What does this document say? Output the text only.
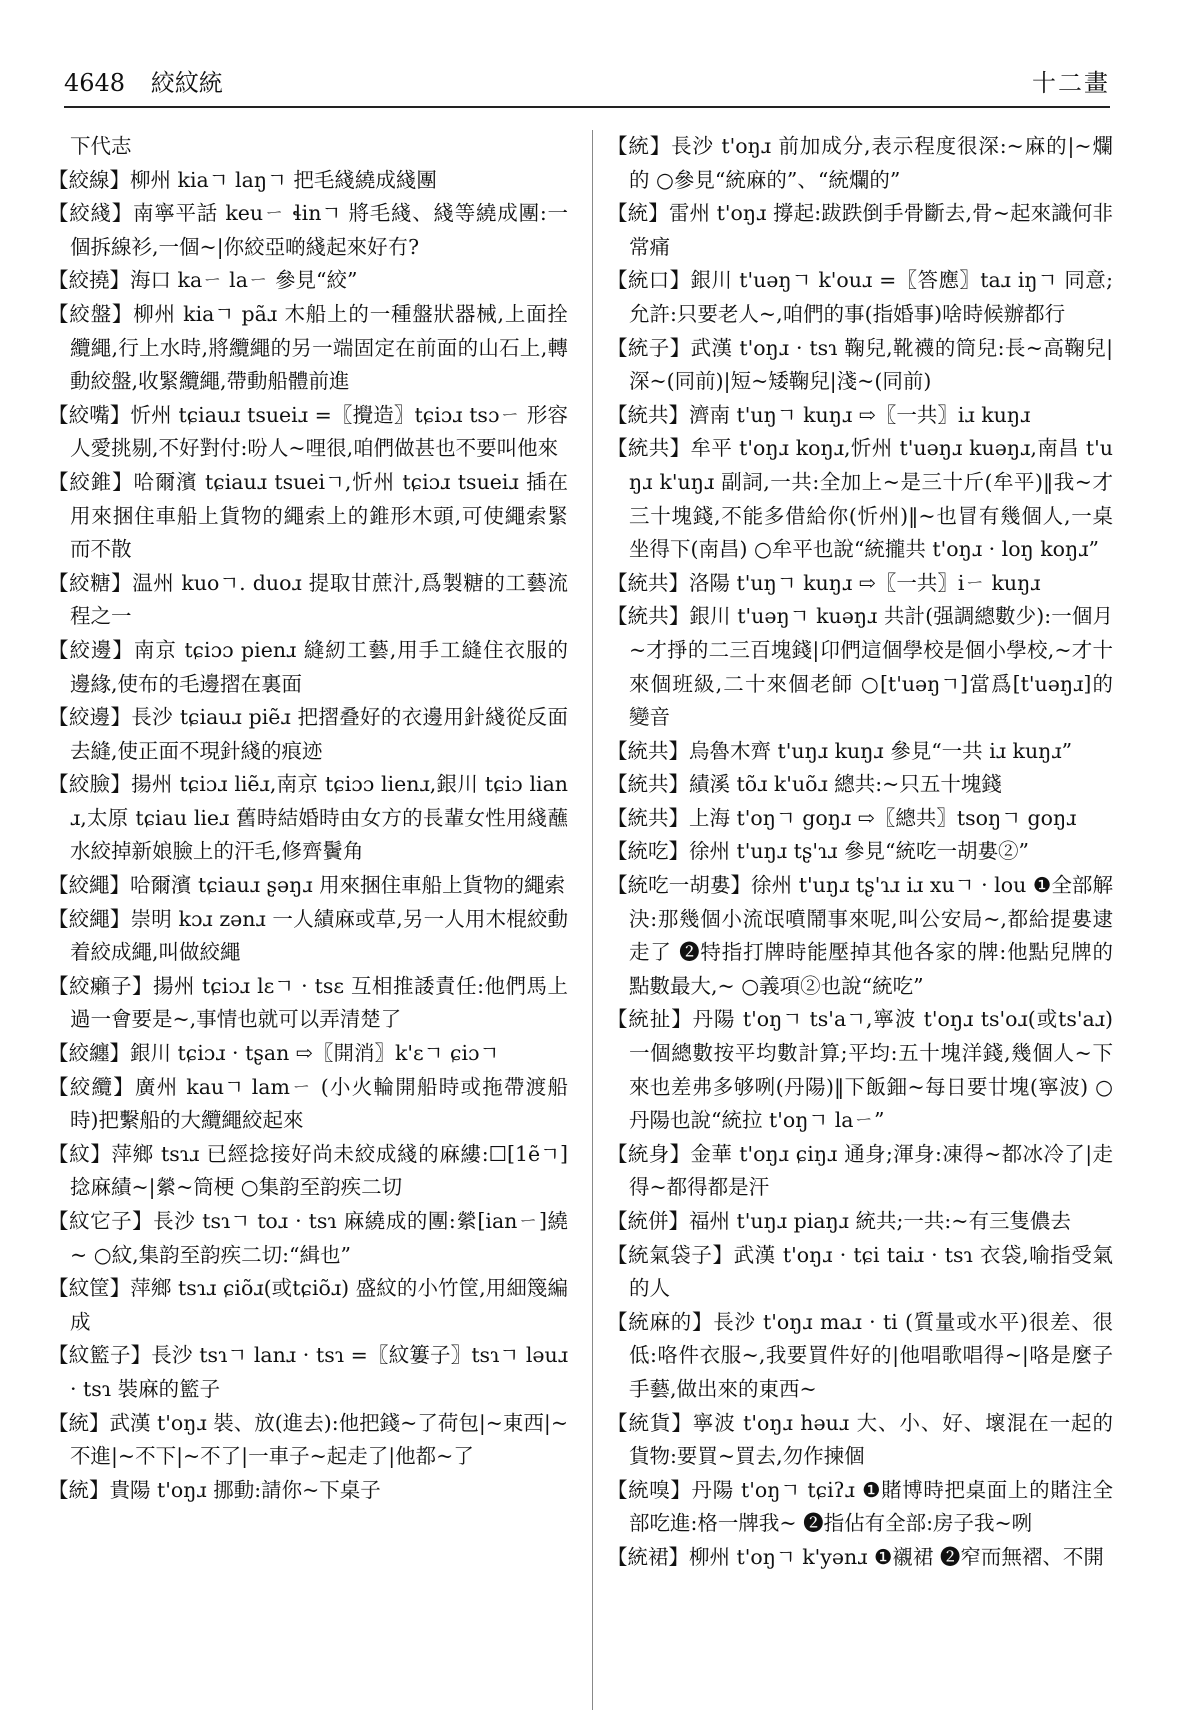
4648 絞紋統	十二畫
下代志
【絞線】柳州 kiaㄱ laŋㄱ 把毛綫繞成綫團
【絞綫】南寧平話 keuㄧ ɬinㄱ 將毛綫、綫等繞成團:一個拆線衫,一個~|你絞亞啲綫起來好冇?
【絞撓】海口 kaㄧ laㄧ 參見“絞”
【絞盤】柳州 kiaㄱ pãɹ 木船上的一種盤狀器械,上面拴纜繩,行上水時,將纜繩的另一端固定在前面的山石上,轉動絞盤,收緊纜繩,帶動船體前進
【絞嘴】忻州 tɕiauɹ tsueiɹ =〖攪造〗tɕiɔɹ tsɔㄧ 形容人愛挑剔,不好對付:吩人~哩很,咱們做甚也不要叫他來
【絞錐】哈爾濱 tɕiauɹ tsueiㄱ,忻州 tɕiɔɹ tsueiɹ 插在用來捆住車船上貨物的繩索上的錐形木頭,可使繩索緊而不散
【絞糖】温州 kuoㄱ. duoɹ 提取甘蔗汁,爲製糖的工藝流程之一
【絞邊】南京 tɕiɔɔ pienɹ 縫紉工藝,用手工縫住衣服的邊緣,使布的毛邊摺在裏面
【絞邊】長沙 tɕiauɹ piẽɹ 把摺叠好的衣邊用針綫從反面去縫,使正面不現針綫的痕迹
【絞臉】揚州 tɕiɔɹ liẽɹ,南京 tɕiɔɔ lienɹ,銀川 tɕiɔ lianɹ,太原 tɕiau lieɹ 舊時結婚時由女方的長輩女性用綫蘸水絞掉新娘臉上的汗毛,修齊鬢角
【絞繩】哈爾濱 tɕiauɹ ʂəŋɹ 用來捆住車船上貨物的繩索
【絞繩】崇明 kɔɹ zənɹ 一人績麻或草,另一人用木棍絞動着絞成繩,叫做絞繩
【絞癩子】揚州 tɕiɔɹ lɛㄱ · tsɛ 互相推諉責任:他們馬上過一會要是~,事情也就可以弄清楚了
【絞纏】銀川 tɕiɔɹ · tʂan ⇨〖開消〗k'ɛㄱ ɕiɔㄱ
【絞纜】廣州 kauㄱ lamㄧ (小火輪開船時或拖帶渡船時)把繫船的大纜繩絞起來
【紋】萍鄉 tsɿɹ 已經捻接好尚未絞成綫的麻縷:☐[1ẽㄱ]捻麻績~|縈~筒梗 ○集韵至韵疾二切
【紋它子】長沙 tsɿㄱ toɹ · tsɿ 麻繞成的團:縈[ianㄧ]繞~ ○紋,集韵至韵疾二切:“緝也”
【紋筐】萍鄉 tsɿɹ ɕiõɹ(或tɕiõɹ) 盛紋的小竹筐,用細篾編成
【紋籃子】長沙 tsɿㄱ lanɹ · tsɿ =〖紋簍子〗tsɿㄱ ləuɹ · tsɿ 裝麻的籃子
【統】武漢 t'oŋɹ 裝、放(進去):他把錢~了荷包|~東西|~不進|~不下|~不了|一車子~起走了|他都~了
【統】貴陽 t'oŋɹ 挪動:請你~下桌子
【統】長沙 t'oŋɹ 前加成分,表示程度很深:~麻的|~爛的 ○參見“統麻的”、“統爛的”
【統】雷州 t'oŋɹ 撐起:跋跌倒手骨斷去,骨~起來識何非常痛
【統口】銀川 t'uəŋㄱ k'ouɹ =〖答應〗taɹ iŋㄱ 同意;允許:只要老人~,咱們的事(指婚事)啥時候辦都行
【統子】武漢 t'oŋɹ · tsɿ 鞠兒,靴襪的筒兒:長~高鞠兒|深~(同前)|短~矮鞠兒|淺~(同前)
【統共】濟南 t'uŋㄱ kuŋɹ ⇨〖一共〗iɹ kuŋɹ
【統共】牟平 t'oŋɹ koŋɹ,忻州 t'uəŋɹ kuəŋɹ,南昌 t'uŋɹ k'uŋɹ 副詞,一共:全加上~是三十斤(牟平)‖我~才三十塊錢,不能多借給你(忻州)‖~也冒有幾個人,一桌坐得下(南昌) ○牟平也說“統攏共 t'oŋɹ · loŋ koŋɹ”
【統共】洛陽 t'uŋㄱ kuŋɹ ⇨〖一共〗iㄧ kuŋɹ
【統共】銀川 t'uəŋㄱ kuəŋɹ 共計(强調總數少):一個月~才掙的二三百塊錢|卬們這個學校是個小學校,~才十來個班級,二十來個老師 ○[t'uəŋㄱ]當爲[t'uəŋɹ]的變音
【統共】烏魯木齊 t'uŋɹ kuŋɹ 參見“一共 iɹ kuŋɹ”
【統共】績溪 tõɹ k'uõɹ 總共:~只五十塊錢
【統共】上海 t'oŋㄱ goŋɹ ⇨〖總共〗tsoŋㄱ goŋɹ
【統吃】徐州 t'uŋɹ tʂ'ɿɹ 參見“統吃一胡婁②”
【統吃一胡婁】徐州 t'uŋɹ tʂ'ɿɹ iɹ xuㄱ · lou ❶全部解決:那幾個小流氓噴鬧事來呢,叫公安局~,都給提婁逮走了 ❷特指打牌時能壓掉其他各家的牌:他點兒牌的點數最大,~ ○義項②也說“統吃”
【統扯】丹陽 t'oŋㄱ ts'aㄱ,寧波 t'oŋɹ ts'oɹ(或ts'aɹ) 一個總數按平均數計算;平均:五十塊洋錢,幾個人~下來也差弗多够咧(丹陽)‖下飯鈿~每日要廿塊(寧波) ○丹陽也說“統拉 t'oŋㄱ laㄧ”
【統身】金華 t'oŋɹ ɕiŋɹ 通身;渾身:凍得~都冰冷了|走得~都得都是汗
【統併】福州 t'uŋɹ piaŋɹ 統共;一共:~有三隻儂去
【統氣袋子】武漢 t'oŋɹ · tɕi taiɹ · tsɿ 衣袋,喻指受氣的人
【統麻的】長沙 t'oŋɹ maɹ · ti (質量或水平)很差、很低:咯件衣服~,我要買件好的|他唱歌唱得~|咯是麼子手藝,做出來的東西~
【統貨】寧波 t'oŋɹ həuɹ 大、小、好、壞混在一起的貨物:要買~買去,勿作揀個
【統嗅】丹陽 t'oŋㄱ tɕiʔɹ ❶賭博時把桌面上的賭注全部吃進:格一牌我~ ❷指佔有全部:房子我~咧
【統裙】柳州 t'oŋㄱ k'yənɹ ❶襯裙 ❷窄而無褶、不開
